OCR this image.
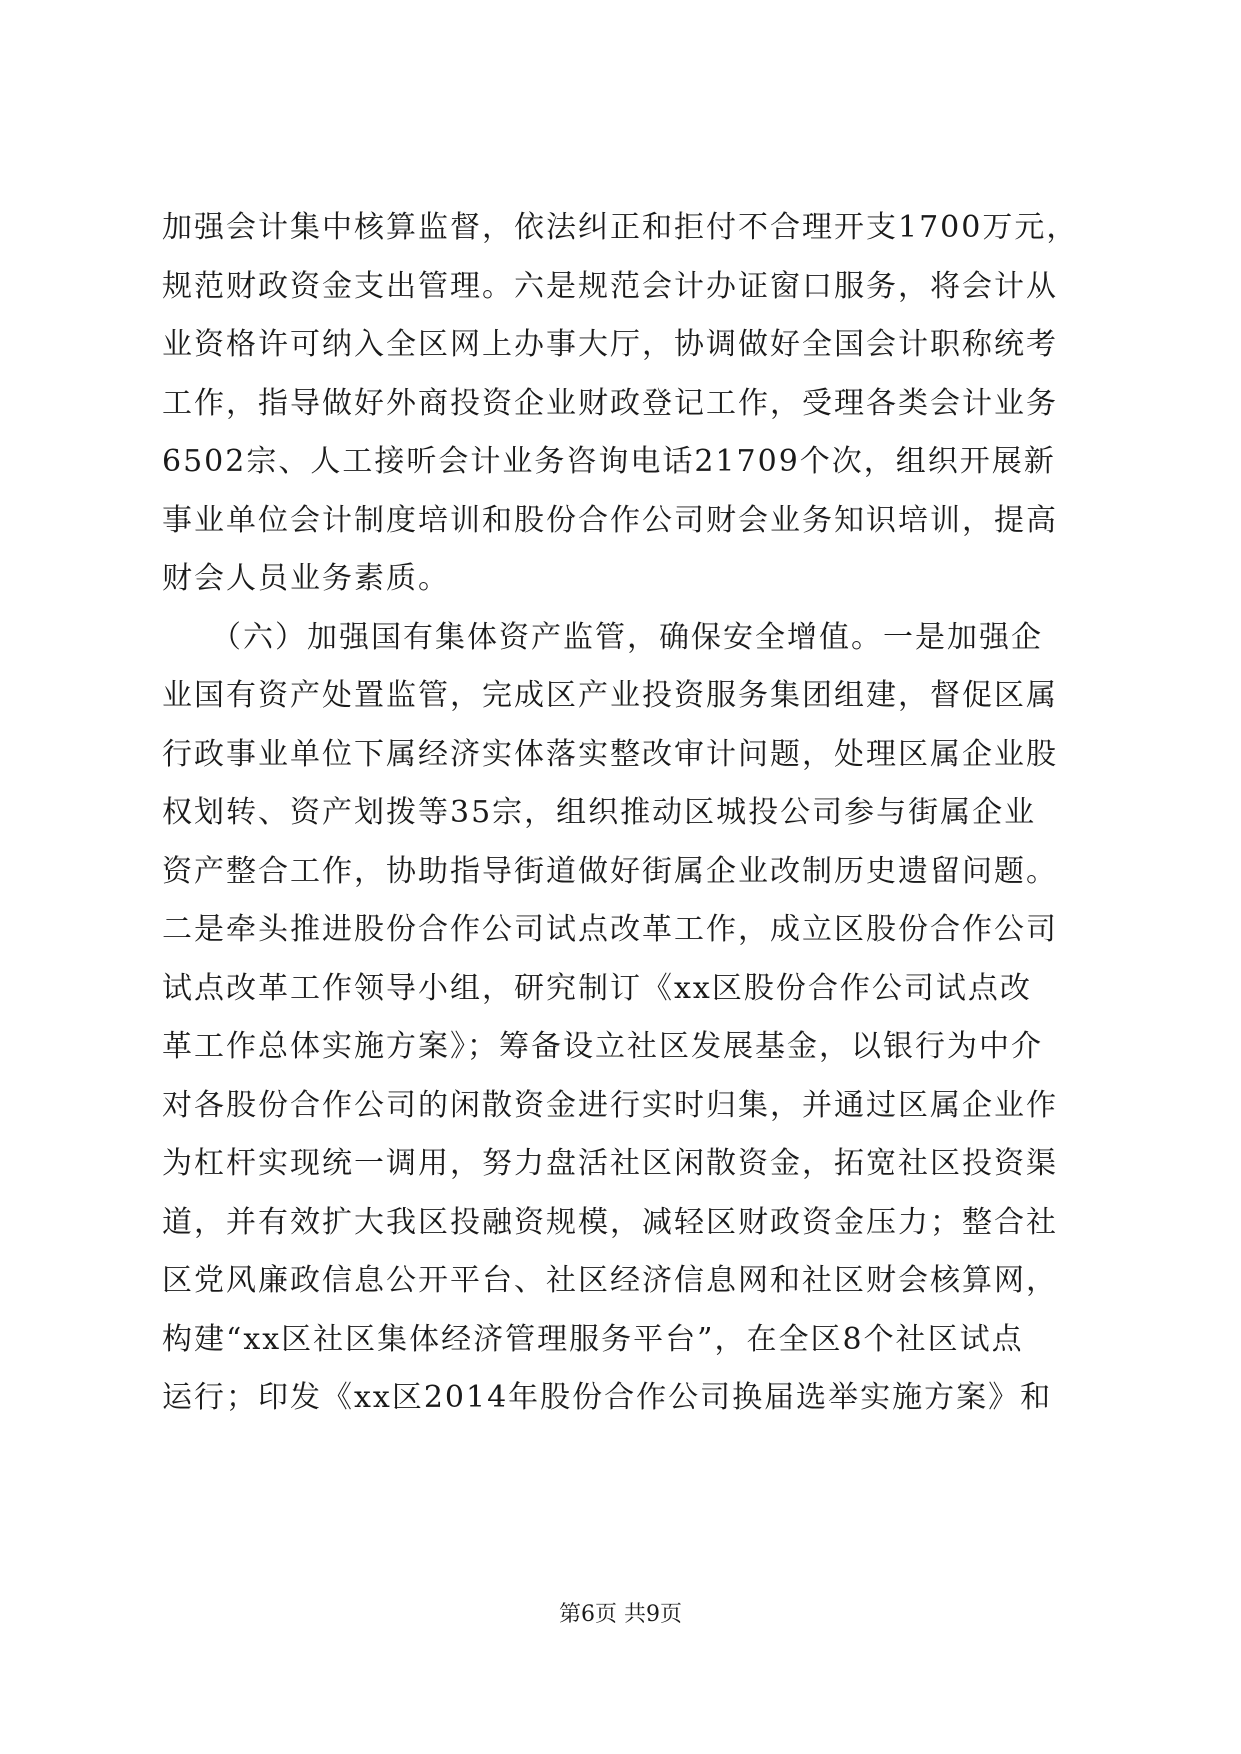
加强会计集中核算监督，依法纠正和拒付不合理开支1700万元，
规范财政资金支出管理。六是规范会计办证窗口服务，将会计从
业资格许可纳入全区网上办事大厅，协调做好全国会计职称统考
工作，指导做好外商投资企业财政登记工作，受理各类会计业务
6502宗、人工接听会计业务咨询电话21709个次，组织开展新
事业单位会计制度培训和股份合作公司财会业务知识培训，提高
财会人员业务素质。
　　（六）加强国有集体资产监管，确保安全增值。一是加强企
业国有资产处置监管，完成区产业投资服务集团组建，督促区属
行政事业单位下属经济实体落实整改审计问题，处理区属企业股
权划转、资产划拨等35宗，组织推动区城投公司参与街属企业
资产整合工作，协助指导街道做好街属企业改制历史遗留问题。
二是牵头推进股份合作公司试点改革工作，成立区股份合作公司
试点改革工作领导小组，研究制订《xx区股份合作公司试点改
革工作总体实施方案》；筹备设立社区发展基金，以银行为中介
对各股份合作公司的闲散资金进行实时归集，并通过区属企业作
为杠杆实现统一调用，努力盘活社区闲散资金，拓宽社区投资渠
道，并有效扩大我区投融资规模，减轻区财政资金压力；整合社
区党风廉政信息公开平台、社区经济信息网和社区财会核算网，
构建“xx区社区集体经济管理服务平台”，在全区8个社区试点
运行；印发《xx区2014年股份合作公司换届选举实施方案》和
第6页 共9页
